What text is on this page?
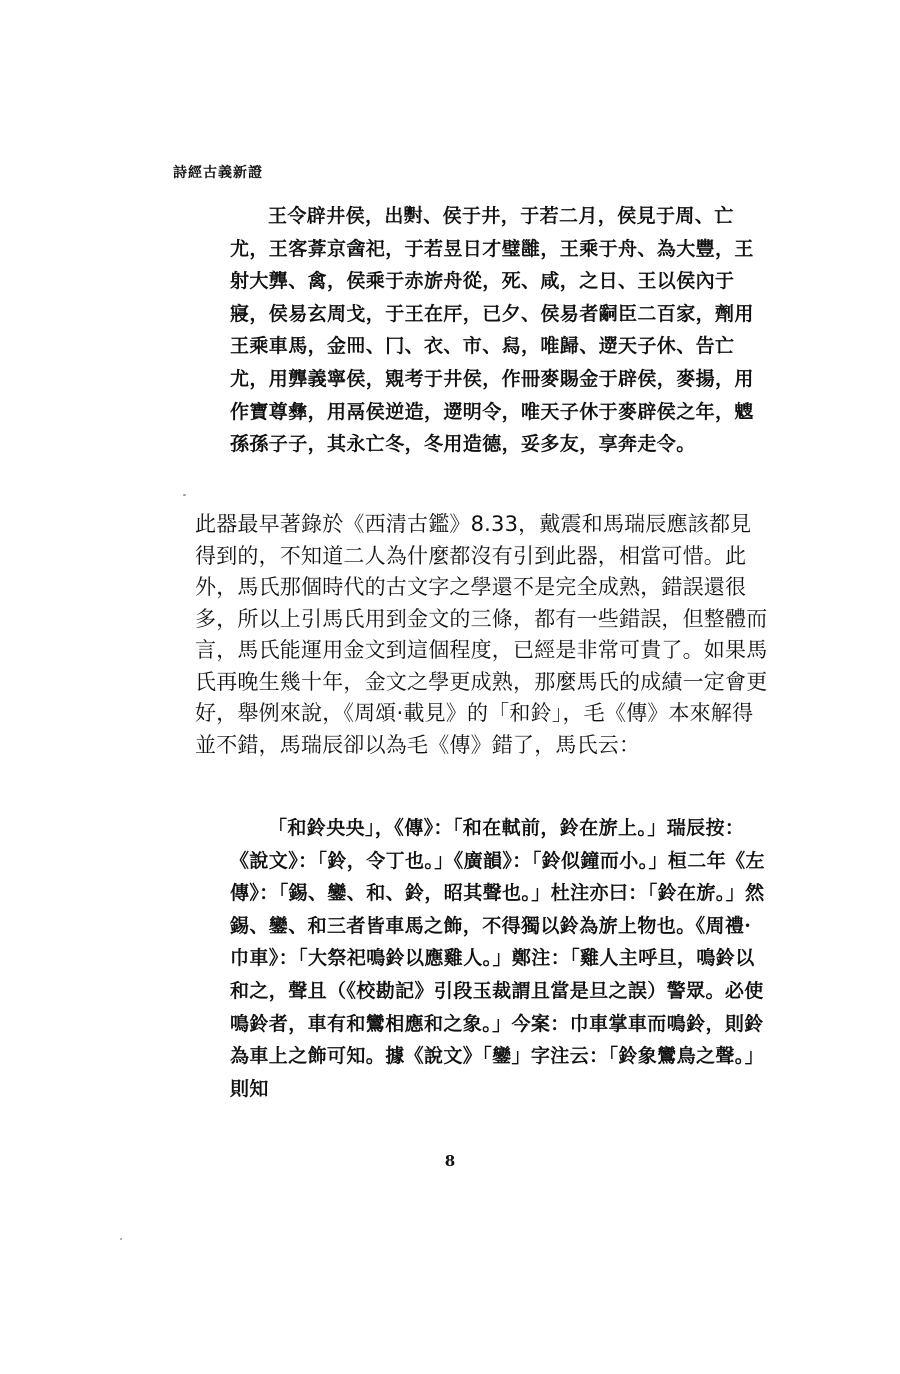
詩經古義新證

王令辟井侯，出𡭓、侯于井，于若二月，侯見于周、亡尤，王客葊京酓祀，于若昱日才璧雝，王乘于舟、為大豐，王射大龏、禽，侯乘于赤旂舟從，死、咸，之日、王以侯內于寢，侯易玄周戈，于王在厈，已夕、侯易者𤔲臣二百家，劑用王乘車馬，金𠕁、冂、衣、市、舄，唯歸、遻天子休、告亡尤，用龏義寧侯，覭考于井侯，作冊麥賜金于辟侯，麥揚，用作寶尊彝，用鬲侯逆造，遻明令，唯天子休于麥辟侯之年，𩴍孫孫子子，其永亡冬，冬用造德，妥多友，享奔走令。

此器最早著錄於《西清古鑑》8.33，戴震和馬瑞辰應該都見得到的，不知道二人為什麼都沒有引到此器，相當可惜。此外，馬氏那個時代的古文字之學還不是完全成熟，錯誤還很多，所以上引馬氏用到金文的三條，都有一些錯誤，但整體而言，馬氏能運用金文到這個程度，已經是非常可貴了。如果馬氏再晚生幾十年，金文之學更成熟，那麼馬氏的成績一定會更好，舉例來說，《周頌·載見》的「和鈴」，毛《傳》本來解得並不錯，馬瑞辰卻以為毛《傳》錯了，馬氏云：

「和鈴央央」，《傳》：「和在軾前，鈴在旂上。」瑞辰按：《說文》：「鈴，令丁也。」《廣韻》：「鈴似鐘而小。」桓二年《左傳》：「錫、鑾、和、鈴，昭其聲也。」杜注亦曰：「鈴在旂。」然錫、鑾、和三者皆車馬之飾，不得獨以鈴為旂上物也。《周禮·巾車》：「大祭祀鳴鈴以應雞人。」鄭注：「雞人主呼旦，鳴鈴以和之，聲且（《校勘記》引段玉裁謂且當是旦之誤）警眾。必使鳴鈴者，車有和鸞相應和之象。」今案：巾車掌車而鳴鈴，則鈴為車上之飾可知。據《說文》「鑾」字注云：「鈴象鸞鳥之聲。」則知

8
